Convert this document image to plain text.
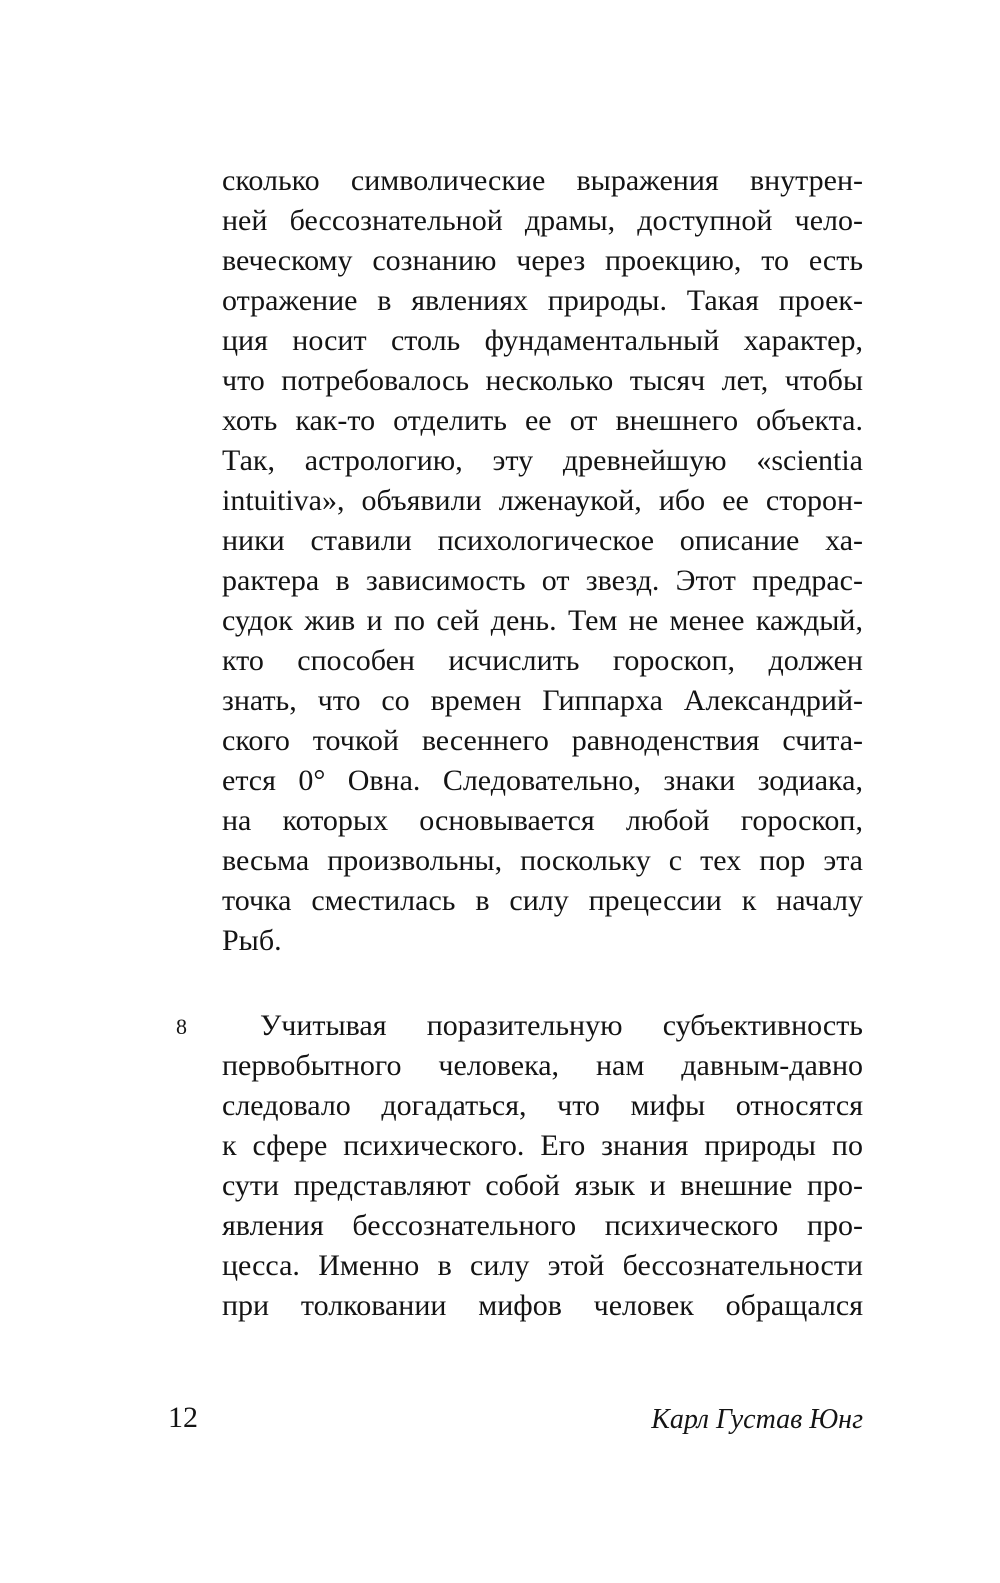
8
сколько символические выражения внутрен-
ней бессознательной драмы, доступной чело-
веческому сознанию через проекцию, то есть
отражение в явлениях природы. Такая проек-
ция носит столь фундаментальный характер,
что потребовалось несколько тысяч лет, чтобы
хоть как-то отделить ее от внешнего объекта.
Так, астрологию, эту древнейшую «scientia
intuitiva», объявили лженаукой, ибо ее сторон-
ники ставили психологическое описание ха-
рактера в зависимость от звезд. Этот предрас-
судок жив и по сей день. Тем не менее каждый,
кто способен исчислить гороскоп, должен
знать, что со времен Гиппарха Александрий-
ского точкой весеннего равноденствия счита-
ется 0° Овна. Следовательно, знаки зодиака,
на которых основывается любой гороскоп,
весьма произвольны, поскольку с тех пор эта
точка сместилась в силу прецессии к началу
Рыб.
Учитывая поразительную субъективность
первобытного человека, нам давным-давно
следовало догадаться, что мифы относятся
к сфере психического. Его знания природы по
сути представляют собой язык и внешние про-
явления бессознательного психического про-
цесса. Именно в силу этой бессознательности
при толковании мифов человек обращался
12	Карл Густав Юнг
